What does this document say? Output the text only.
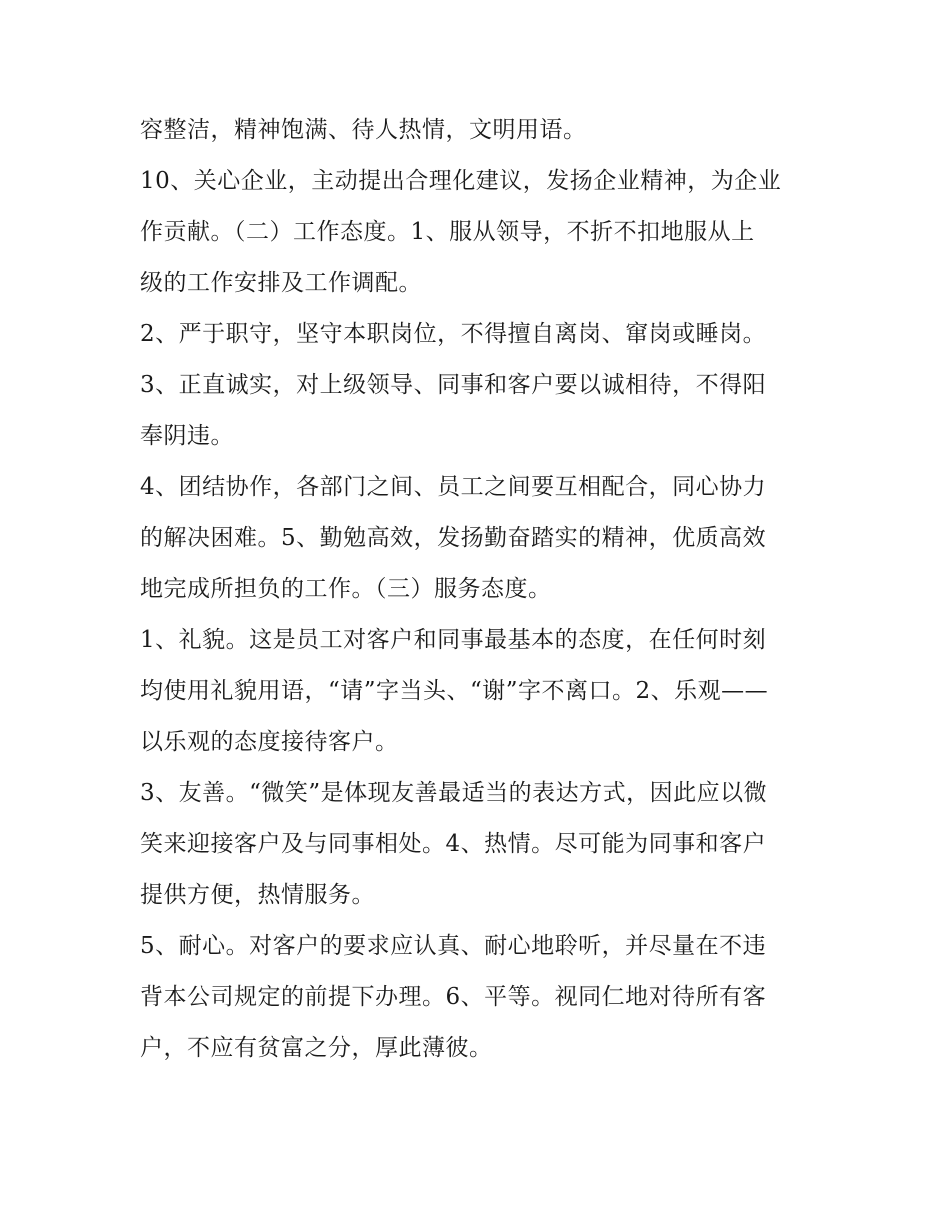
容整洁，精神饱满、待人热情，文明用语。
10、关心企业，主动提出合理化建议，发扬企业精神，为企业
作贡献。（二）工作态度。1、服从领导，不折不扣地服从上
级的工作安排及工作调配。
2、严于职守，坚守本职岗位，不得擅自离岗、窜岗或睡岗。
3、正直诚实，对上级领导、同事和客户要以诚相待，不得阳
奉阴违。
4、团结协作，各部门之间、员工之间要互相配合，同心协力
的解决困难。5、勤勉高效，发扬勤奋踏实的精神，优质高效
地完成所担负的工作。（三）服务态度。
1、礼貌。这是员工对客户和同事最基本的态度，在任何时刻
均使用礼貌用语，“请”字当头、“谢”字不离口。2、乐观——
以乐观的态度接待客户。
3、友善。“微笑”是体现友善最适当的表达方式，因此应以微
笑来迎接客户及与同事相处。4、热情。尽可能为同事和客户
提供方便，热情服务。
5、耐心。对客户的要求应认真、耐心地聆听，并尽量在不违
背本公司规定的前提下办理。6、平等。视同仁地对待所有客
户，不应有贫富之分，厚此薄彼。
